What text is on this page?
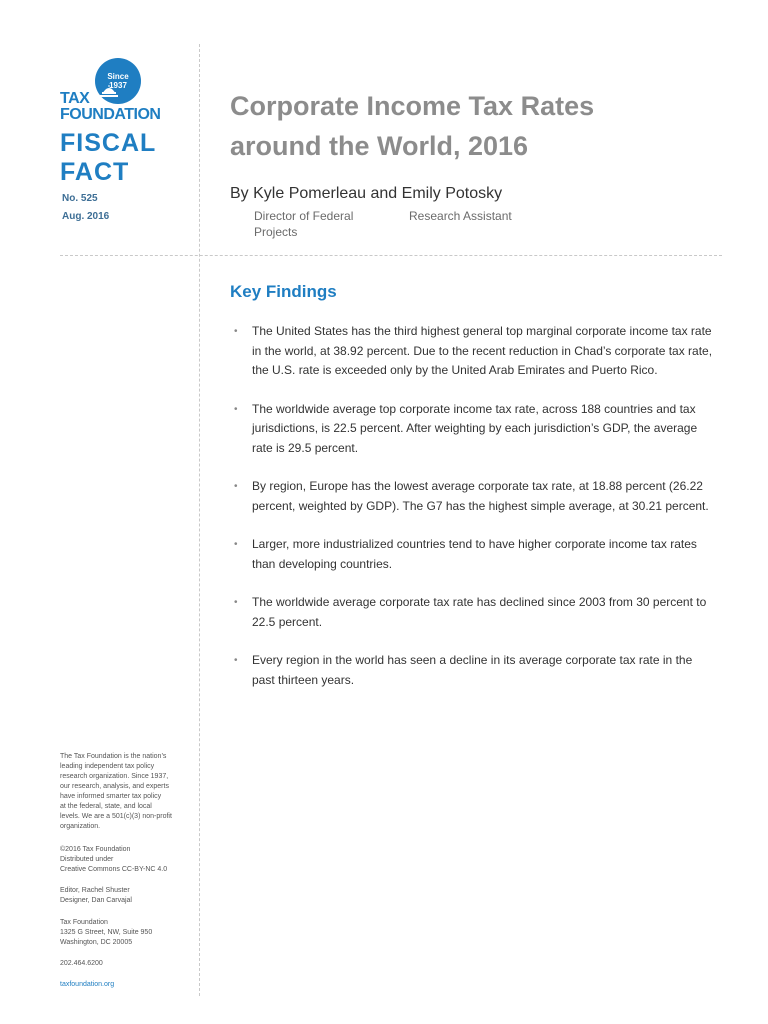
Since
1937
TAX
FOUNDATION
FISCAL
FACT
No. 525
Aug. 2016
Corporate Income Tax Rates around the World, 2016
By Kyle Pomerleau and Emily Potosky
Director of Federal Projects
Research Assistant
Key Findings
• The United States has the third highest general top marginal corporate income tax rate in the world, at 38.92 percent. Due to the recent reduction in Chad’s corporate tax rate, the U.S. rate is exceeded only by the United Arab Emirates and Puerto Rico.
• The worldwide average top corporate income tax rate, across 188 countries and tax jurisdictions, is 22.5 percent. After weighting by each jurisdiction’s GDP, the average rate is 29.5 percent.
• By region, Europe has the lowest average corporate tax rate, at 18.88 percent (26.22 percent, weighted by GDP). The G7 has the highest simple average, at 30.21 percent.
• Larger, more industrialized countries tend to have higher corporate income tax rates than developing countries.
• The worldwide average corporate tax rate has declined since 2003 from 30 percent to 22.5 percent.
• Every region in the world has seen a decline in its average corporate tax rate in the past thirteen years.
The Tax Foundation is the nation’s
leading independent tax policy
research organization. Since 1937,
our research, analysis, and experts
have informed smarter tax policy
at the federal, state, and local
levels. We are a 501(c)(3) non-profit
organization.
©2016 Tax Foundation
Distributed under
Creative Commons CC-BY-NC 4.0
Editor, Rachel Shuster
Designer, Dan Carvajal
Tax Foundation
1325 G Street, NW, Suite 950
Washington, DC 20005
202.464.6200
taxfoundation.org
